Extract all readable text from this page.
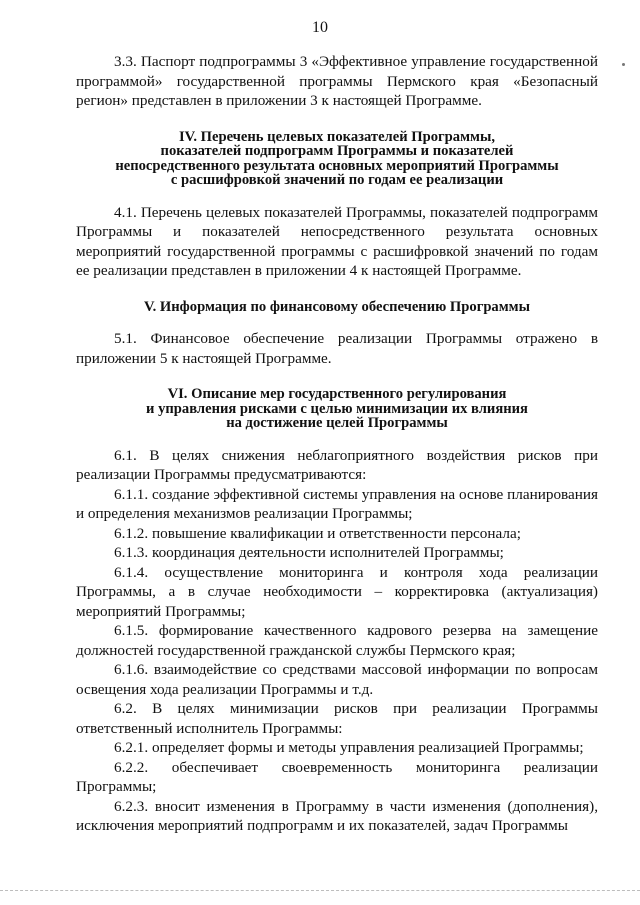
10

3.3. Паспорт подпрограммы 3 «Эффективное управление государственной программой» государственной программы Пермского края «Безопасный регион» представлен в приложении 3 к настоящей Программе.

IV. Перечень целевых показателей Программы,
показателей подпрограмм Программы и показателей
непосредственного результата основных мероприятий Программы
с расшифровкой значений по годам ее реализации

4.1. Перечень целевых показателей Программы, показателей подпрограмм Программы и показателей непосредственного результата основных мероприятий государственной программы с расшифровкой значений по годам ее реализации представлен в приложении 4 к настоящей Программе.

V. Информация по финансовому обеспечению Программы

5.1. Финансовое обеспечение реализации Программы отражено в приложении 5 к настоящей Программе.

VI. Описание мер государственного регулирования
и управления рисками с целью минимизации их влияния
на достижение целей Программы

6.1. В целях снижения неблагоприятного воздействия рисков при реализации Программы предусматриваются:

6.1.1. создание эффективной системы управления на основе планирования и определения механизмов реализации Программы;

6.1.2. повышение квалификации и ответственности персонала;

6.1.3. координация деятельности исполнителей Программы;

6.1.4. осуществление мониторинга и контроля хода реализации Программы, а в случае необходимости – корректировка (актуализация) мероприятий Программы;

6.1.5. формирование качественного кадрового резерва на замещение должностей государственной гражданской службы Пермского края;

6.1.6. взаимодействие со средствами массовой информации по вопросам освещения хода реализации Программы и т.д.

6.2. В целях минимизации рисков при реализации Программы ответственный исполнитель Программы:

6.2.1. определяет формы и методы управления реализацией Программы;

6.2.2. обеспечивает своевременность мониторинга реализации Программы;

6.2.3. вносит изменения в Программу в части изменения (дополнения), исключения мероприятий подпрограмм и их показателей, задач Программы
